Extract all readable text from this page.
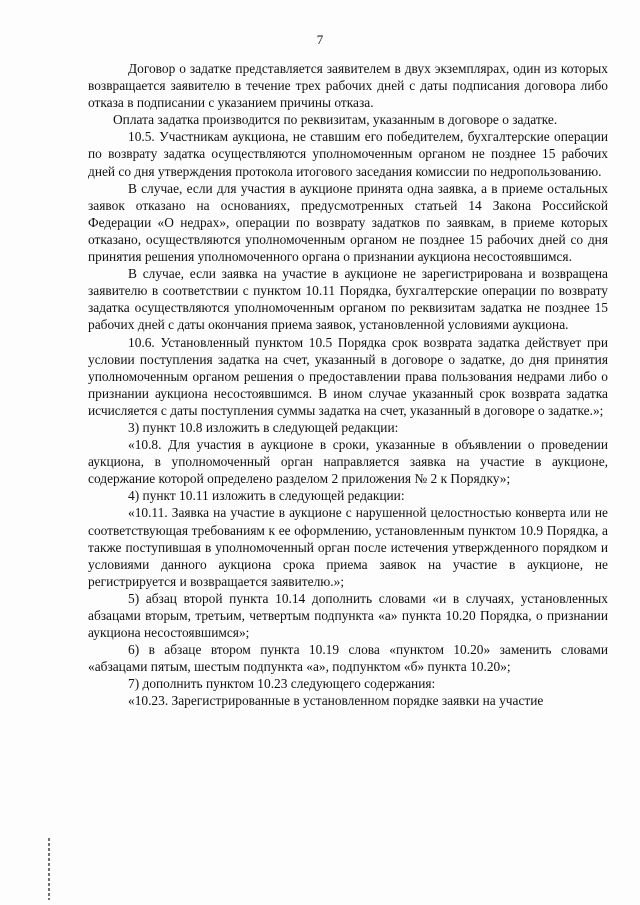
7

Договор о задатке представляется заявителем в двух экземплярах, один из которых возвращается заявителю в течение трех рабочих дней с даты подписания договора либо отказа в подписании с указанием причины отказа.

Оплата задатка производится по реквизитам, указанным в договоре о задатке.

10.5. Участникам аукциона, не ставшим его победителем, бухгалтерские операции по возврату задатка осуществляются уполномоченным органом не позднее 15 рабочих дней со дня утверждения протокола итогового заседания комиссии по недропользованию.

В случае, если для участия в аукционе принята одна заявка, а в приеме остальных заявок отказано на основаниях, предусмотренных статьей 14 Закона Российской Федерации «О недрах», операции по возврату задатков по заявкам, в приеме которых отказано, осуществляются уполномоченным органом не позднее 15 рабочих дней со дня принятия решения уполномоченного органа о признании аукциона несостоявшимся.

В случае, если заявка на участие в аукционе не зарегистрирована и возвращена заявителю в соответствии с пунктом 10.11 Порядка, бухгалтерские операции по возврату задатка осуществляются уполномоченным органом по реквизитам задатка не позднее 15 рабочих дней с даты окончания приема заявок, установленной условиями аукциона.

10.6. Установленный пунктом 10.5 Порядка срок возврата задатка действует при условии поступления задатка на счет, указанный в договоре о задатке, до дня принятия уполномоченным органом решения о предоставлении права пользования недрами либо о признании аукциона несостоявшимся. В ином случае указанный срок возврата задатка исчисляется с даты поступления суммы задатка на счет, указанный в договоре о задатке.»;

3) пункт 10.8 изложить в следующей редакции:

«10.8. Для участия в аукционе в сроки, указанные в объявлении о проведении аукциона, в уполномоченный орган направляется заявка на участие в аукционе, содержание которой определено разделом 2 приложения № 2 к Порядку»;

4) пункт 10.11 изложить в следующей редакции:

«10.11. Заявка на участие в аукционе с нарушенной целостностью конверта или не соответствующая требованиям к ее оформлению, установленным пунктом 10.9 Порядка, а также поступившая в уполномоченный орган после истечения утвержденного порядком и условиями данного аукциона срока приема заявок на участие в аукционе, не регистрируется и возвращается заявителю.»;

5) абзац второй пункта 10.14 дополнить словами «и в случаях, установленных абзацами вторым, третьим, четвертым подпункта «а» пункта 10.20 Порядка, о признании аукциона несостоявшимся»;

6) в абзаце втором пункта 10.19 слова «пунктом 10.20» заменить словами «абзацами пятым, шестым подпункта «а», подпунктом «б» пункта 10.20»;

7) дополнить пунктом 10.23 следующего содержания:

«10.23. Зарегистрированные в установленном порядке заявки на участие
